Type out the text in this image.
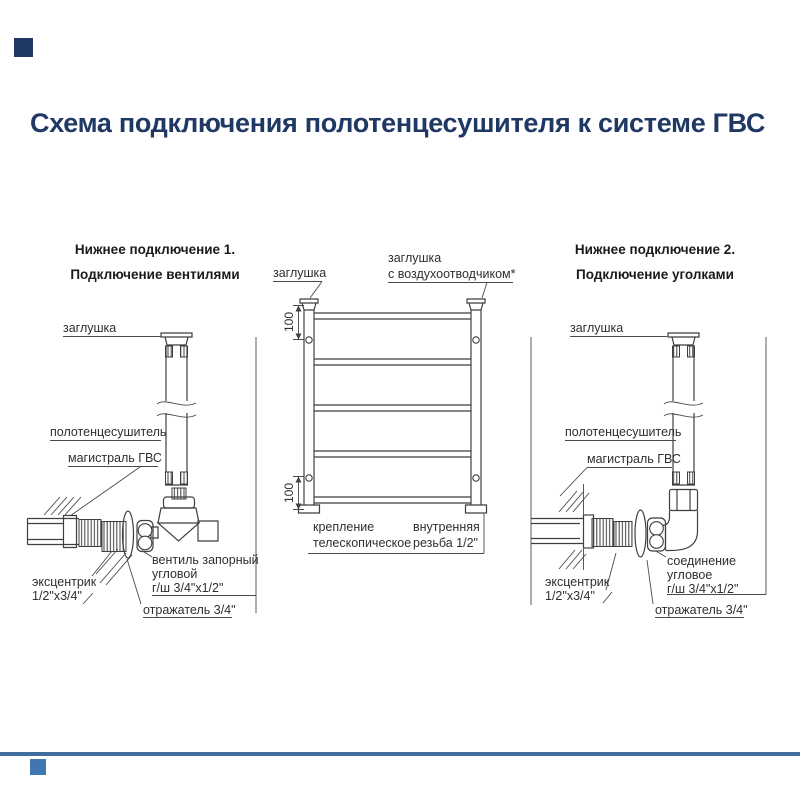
Схема подключения полотенцесушителя к системе ГВС
Нижнее подключение 1.
Подключение вентилями
заглушка
полотенцесушитель
магистраль ГВС
эксцентрик
1/2"х3/4"
вентиль запорный
угловой
г/ш 3/4"х1/2"
отражатель 3/4"
заглушка
заглушка
с воздухоотводчиком*
100
100
крепление
телескопическое
внутренняя
резьба 1/2"
Нижнее подключение 2.
Подключение уголками
заглушка
полотенцесушитель
магистраль ГВС
эксцентрик
1/2"х3/4"
соединение
угловое
г/ш 3/4"х1/2"
отражатель 3/4"
